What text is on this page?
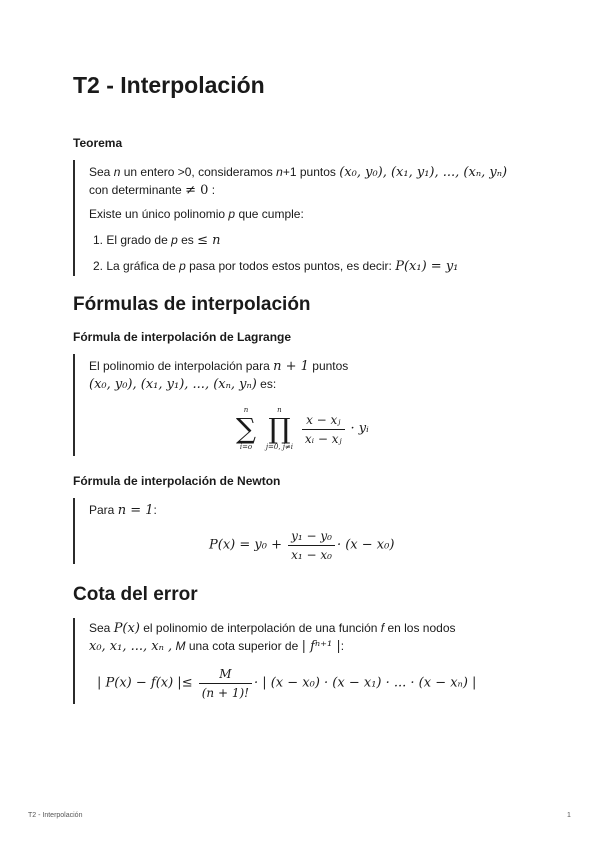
T2 - Interpolación
Teorema
Sea n un entero >0, consideramos n+1 puntos (x₀, y₀), (x₁, y₁), ..., (xₙ, yₙ)
con determinante ≠ 0 :
Existe un único polinomio p que cumple:
1. El grado de p es ≤ n
2. La gráfica de p pasa por todos estos puntos, es decir: P(x₁) = y₁
Fórmulas de interpolación
Fórmula de interpolación de Lagrange
El polinomio de interpolación para n + 1 puntos
(x₀, y₀), (x₁, y₁), ..., (xₙ, yₙ) es:
n
∑
i=o

n
∏
j=0, j≠i

$\frac{\text{x − xⱼ}}{\text{xᵢ − xⱼ}}$ · yᵢ
Fórmula de interpolación de Newton
Para n = 1:
$P(x) = y_0 + \frac{\text{y₁ − y₀}}{\text{x₁ − x₀}} \cdot (x - x_0)$
Cota del error
Sea P(x) el polinomio de interpolación de una función f en los nodos
x₀, x₁, ..., xₙ , M una cota superior de | fⁿ⁺¹ |:
| P(x) − f(x) |≤ $\frac{M}{(n + 1)!}$ · | (x − x₀) · (x − x₁) · ... · (x − xₙ) |
T2 - Interpolación	1
